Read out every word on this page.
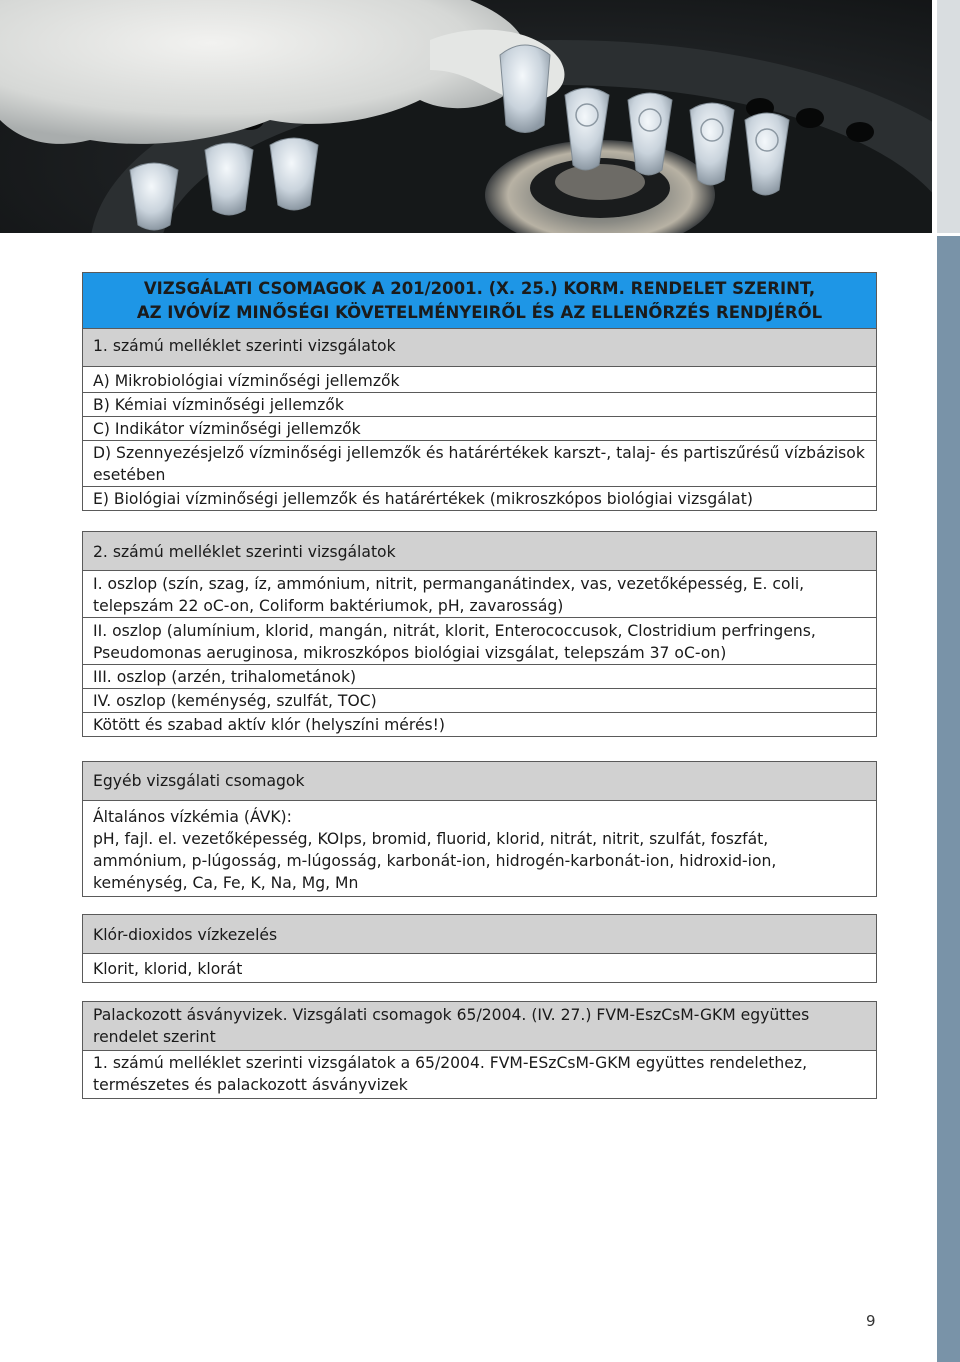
VIZSGÁLATI CSOMAGOK A 201/2001. (X. 25.) KORM. RENDELET SZERINT,
AZ IVÓVÍZ MINŐSÉGI KÖVETELMÉNYEIRŐL ÉS AZ ELLENŐRZÉS RENDJÉRŐL
1. számú melléklet szerinti vizsgálatok
A) Mikrobiológiai vízminőségi jellemzők
B) Kémiai vízminőségi jellemzők
C) Indikátor vízminőségi jellemzők
D) Szennyezésjelző vízminőségi jellemzők és határértékek karszt-, talaj- és partiszűrésű vízbázisok esetében
E) Biológiai vízminőségi jellemzők és határértékek (mikroszkópos biológiai vizsgálat)
2. számú melléklet szerinti vizsgálatok
I. oszlop (szín, szag, íz, ammónium, nitrit, permanganátindex, vas, vezetőképesség, E. coli, telepszám 22 oC-on, Coliform baktériumok, pH, zavarosság)
II. oszlop (alumínium, klorid, mangán, nitrát, klorit, Enterococcusok, Clostridium perfringens, Pseudomonas aeruginosa, mikroszkópos biológiai vizsgálat, telepszám 37 oC-on)
III. oszlop (arzén, trihalometánok)
IV. oszlop (keménység, szulfát, TOC)
Kötött és szabad aktív klór (helyszíni mérés!)
Egyéb vizsgálati csomagok
Általános vízkémia (ÁVK):
pH, fajl. el. vezetőképesség, KOIps, bromid, fluorid, klorid, nitrát, nitrit, szulfát, foszfát, ammónium, p-lúgosság, m-lúgosság, karbonát-ion, hidrogén-karbonát-ion, hidroxid-ion, keménység, Ca, Fe, K, Na, Mg, Mn
Klór-dioxidos vízkezelés
Klorit, klorid, klorát
Palackozott ásványvizek. Vizsgálati csomagok 65/2004. (IV. 27.) FVM-EszCsM-GKM együttes rendelet szerint
1. számú melléklet szerinti vizsgálatok a 65/2004. FVM-ESzCsM-GKM együttes rendelethez, természetes és palackozott ásványvizek
9
